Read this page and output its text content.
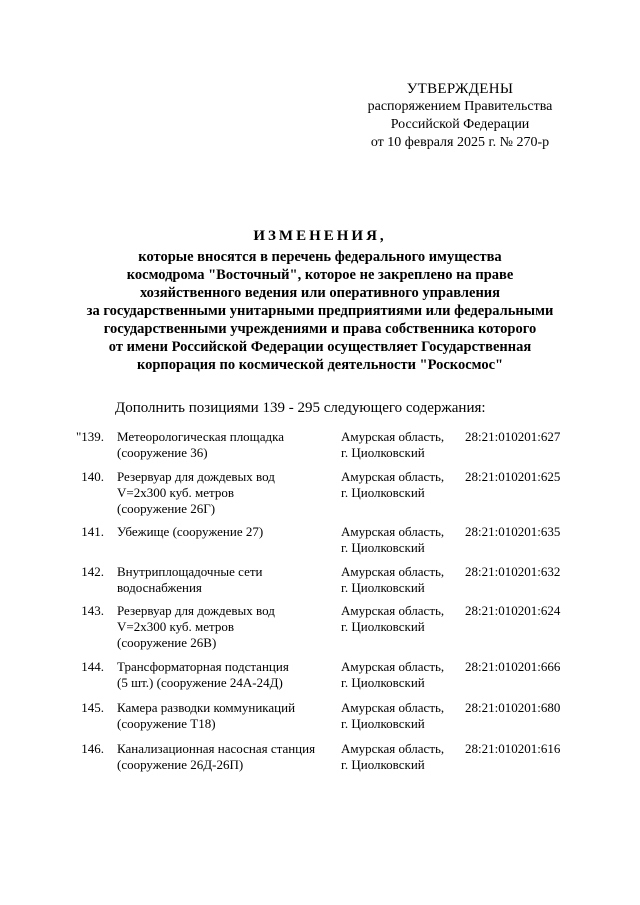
УТВЕРЖДЕНЫ
распоряжением Правительства
Российской Федерации
от 10 февраля 2025 г. № 270-р
ИЗМЕНЕНИЯ,
которые вносятся в перечень федерального имущества
космодрома "Восточный", которое не закреплено на праве
хозяйственного ведения или оперативного управления
за государственными унитарными предприятиями или федеральными
государственными учреждениями и права собственника которого
от имени Российской Федерации осуществляет Государственная
корпорация по космической деятельности "Роскосмос"
Дополнить позициями 139 - 295 следующего содержания:
"139. Метеорологическая площадка
(сооружение 36)
Амурская область,
г. Циолковский
28:21:010201:627
140. Резервуар для дождевых вод
V=2х300 куб. метров
(сооружение 26Г)
Амурская область,
г. Циолковский
28:21:010201:625
141. Убежище (сооружение 27)	Амурская область,
г. Циолковский
28:21:010201:635
142. Внутриплощадочные сети
водоснабжения
Амурская область,
г. Циолковский
28:21:010201:632
143. Резервуар для дождевых вод
V=2х300 куб. метров
(сооружение 26В)
Амурская область,
г. Циолковский
28:21:010201:624
144. Трансформаторная подстанция
(5 шт.) (сооружение 24А-24Д)
Амурская область,
г. Циолковский
28:21:010201:666
145. Камера разводки коммуникаций
(сооружение Т18)
Амурская область,
г. Циолковский
28:21:010201:680
146. Канализационная насосная станция
(сооружение 26Д-26П)
Амурская область,
г. Циолковский
28:21:010201:616
